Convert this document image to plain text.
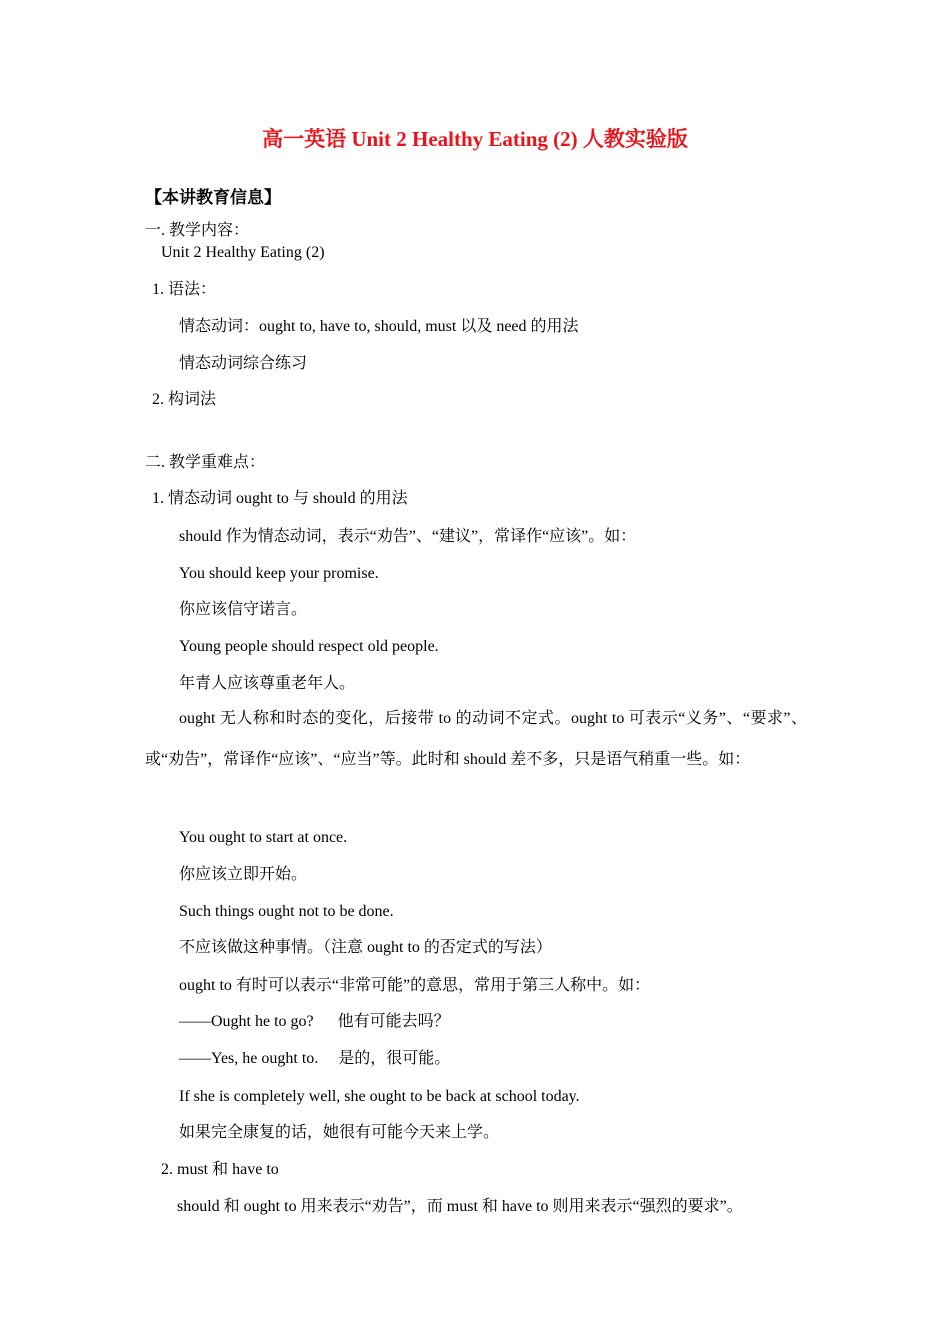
高一英语 Unit 2 Healthy Eating (2) 人教实验版
【本讲教育信息】
一. 教学内容：
Unit 2 Healthy Eating (2)
1. 语法：
情态动词：ought to, have to, should, must 以及 need 的用法
情态动词综合练习
2. 构词法
二. 教学重难点：
1. 情态动词 ought to 与 should 的用法
should 作为情态动词，表示“劝告”、“建议”，常译作“应该”。如：
You should keep your promise.
你应该信守诺言。
Young people should respect old people.
年青人应该尊重老年人。
ought 无人称和时态的变化，后接带 to 的动词不定式。ought to 可表示“义务”、“要求”、或“劝告”，常译作“应该”、“应当”等。此时和 should 差不多，只是语气稍重一些。如：
You ought to start at once.
你应该立即开始。
Such things ought not to be done.
不应该做这种事情。（注意 ought to 的否定式的写法）
ought to 有时可以表示“非常可能”的意思，常用于第三人称中。如：
——Ought he to go?      他有可能去吗？
——Yes, he ought to.     是的，很可能。
If she is completely well, she ought to be back at school today.
如果完全康复的话，她很有可能今天来上学。
2. must 和 have to
should 和 ought to 用来表示“劝告”，而 must 和 have to 则用来表示“强烈的要求”。
